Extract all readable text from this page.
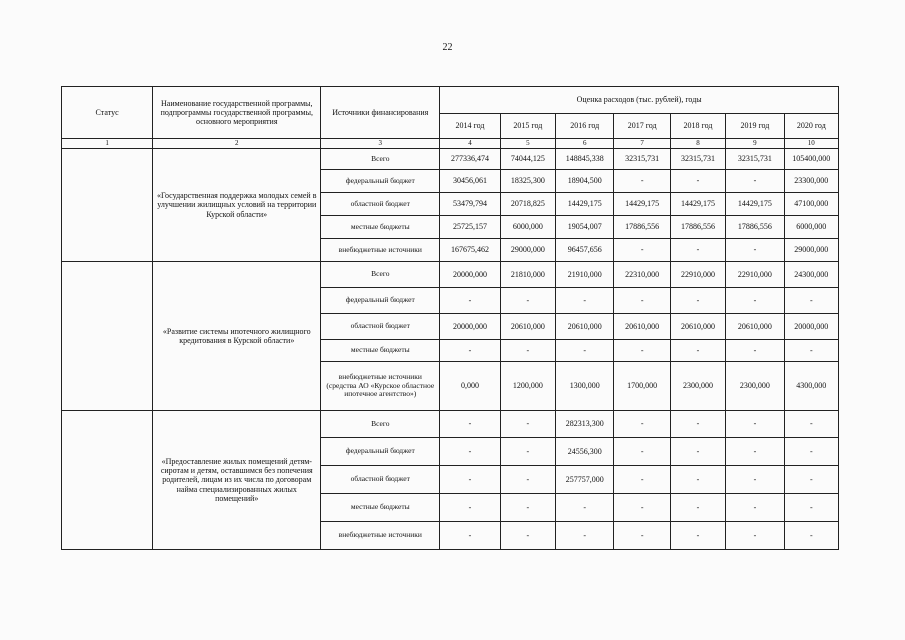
22
Статус	Наименование государственной программы, подпрограммы государственной программы, основного мероприятия	Источники финансирования	Оценка расходов (тыс. рублей), годы						
			2014 год	2015 год	2016 год	2017 год	2018 год	2019 год	2020 год
1	2	3	4	5	6	7	8	9	10
	«Государственная поддержка молодых семей в улучшении жилищных условий на территории Курской области»	Всего	277336,474	74044,125	148845,338	32315,731	32315,731	32315,731	105400,000
		федеральный бюджет	30456,061	18325,300	18904,500	-	-	-	23300,000
		областной бюджет	53479,794	20718,825	14429,175	14429,175	14429,175	14429,175	47100,000
		местные бюджеты	25725,157	6000,000	19054,007	17886,556	17886,556	17886,556	6000,000
		внебюджетные источники	167675,462	29000,000	96457,656	-	-	-	29000,000
	«Развитие системы ипотечного жилищного кредитования в Курской области»	Всего	20000,000	21810,000	21910,000	22310,000	22910,000	22910,000	24300,000
		федеральный бюджет	-	-	-	-	-	-	-
		областной бюджет	20000,000	20610,000	20610,000	20610,000	20610,000	20610,000	20000,000
		местные бюджеты	-	-	-	-	-	-	-
		внебюджетные источники (средства АО «Курское областное ипотечное агентство»)	0,000	1200,000	1300,000	1700,000	2300,000	2300,000	4300,000
	«Предоставление жилых помещений детям-сиротам и детям, оставшимся без попечения родителей, лицам из их числа по договорам найма специализированных жилых помещений»	Всего	-	-	282313,300	-	-	-	-
		федеральный бюджет	-	-	24556,300	-	-	-	-
		областной бюджет	-	-	257757,000	-	-	-	-
		местные бюджеты	-	-	-	-	-	-	-
		внебюджетные источники	-	-	-	-	-	-	-
